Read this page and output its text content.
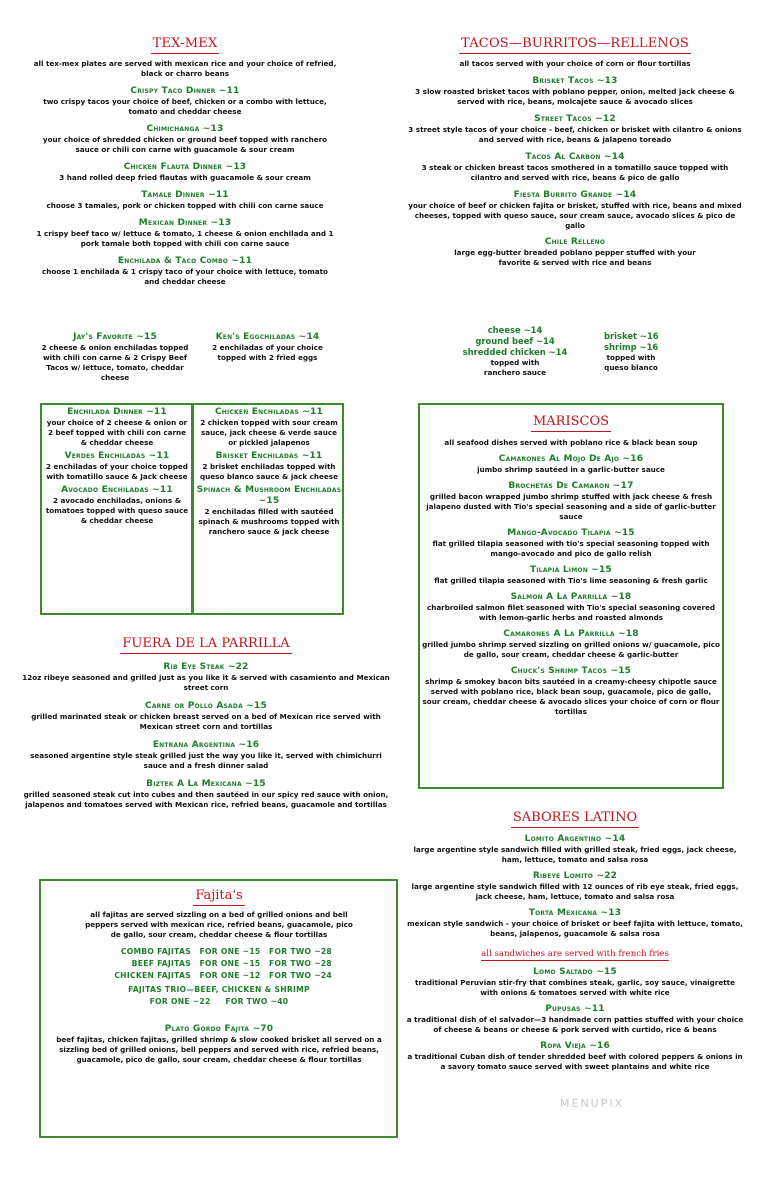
TEX-MEX
all tex-mex plates are served with mexican rice and your choice of refried, black or charro beans
Crispy Taco Dinner ~11
two crispy tacos your choice of beef, chicken or a combo with lettuce, tomato and cheddar cheese
Chimichanga ~13
your choice of shredded chicken or ground beef topped with ranchero sauce or chili con carne with guacamole & sour cream
Chicken Flauta Dinner ~13
3 hand rolled deep fried flautas with guacamole & sour cream
Tamale Dinner ~11
choose 3 tamales, pork or chicken topped with chili con carne sauce
Mexican Dinner ~13
1 crispy beef taco w/ lettuce & tomato, 1 cheese & onion enchilada and 1 pork tamale both topped with chili con carne sauce
Enchilada & Taco Combo ~11
choose 1 enchilada & 1 crispy taco of your choice with lettuce, tomato and cheddar cheese
Jay's Favorite ~15
2 cheese & onion enchiladas topped with chili con carne & 2 Crispy Beef Tacos w/ lettuce, tomato, cheddar cheese
Ken's Eggchiladas ~14
2 enchiladas of your choice topped with 2 fried eggs
Enchilada Dinner ~11
your choice of 2 cheese & onion or 2 beef topped with chili con carne & cheddar cheese
Verdes Enchiladas ~11
2 enchiladas of your choice topped with tomatillo sauce & Jack cheese
Avocado Enchiladas ~11
2 avocado enchiladas, onions & tomatoes topped with queso sauce & cheddar cheese
Chicken Enchiladas ~11
2 chicken topped with sour cream sauce, jack cheese & verde sauce or pickled jalapenos
Brisket Enchiladas ~11
2 brisket enchiladas topped with queso blanco sauce & jack cheese
Spinach & Mushroom Enchiladas ~15
2 enchiladas filled with sautéed spinach & mushrooms topped with ranchero sauce & jack cheese
FUERA DE LA PARRILLA
Rib Eye Steak ~22
12oz ribeye seasoned and grilled just as you like it & served with casamiento and Mexican street corn
Carne or Pollo Asada ~15
grilled marinated steak or chicken breast served on a bed of Mexican rice served with Mexican street corn and tortillas
Entrana Argentina ~16
seasoned argentine style steak grilled just the way you like it, served with chimichurri sauce and a fresh dinner salad
Biztek A La Mexicana ~15
grilled seasoned steak cut into cubes and then sautéed in our spicy red sauce with onion, jalapenos and tomatoes served with Mexican rice, refried beans, guacamole and tortillas
Fajita's
all fajitas are served sizzling on a bed of grilled onions and bell peppers served with mexican rice, refried beans, guacamole, pico de gallo, sour cream, cheddar cheese & flour tortillas
COMBO FAJITAS FOR ONE ~15 FOR TWO ~28
BEEF FAJITAS FOR ONE ~15 FOR TWO ~28
CHICKEN FAJITAS FOR ONE ~12 FOR TWO ~24
FAJITAS TRIO—BEEF, CHICKEN & SHRIMP
FOR ONE ~22     FOR TWO ~40
Plato Gordo Fajita ~70
beef fajitas, chicken fajitas, grilled shrimp & slow cooked brisket all served on a sizzling bed of grilled onions, bell peppers and served with rice, refried beans, guacamole, pico de gallo, sour cream, cheddar cheese & flour tortillas
TACOS—BURRITOS—RELLENOS
all tacos served with your choice of corn or flour tortillas
Brisket Tacos ~13
3 slow roasted brisket tacos with poblano pepper, onion, melted jack cheese & served with rice, beans, molcajete sauce & avocado slices
Street Tacos ~12
3 street style tacos of your choice - beef, chicken or brisket with cilantro & onions and served with rice, beans & jalapeno toreado
Tacos Al Carbon ~14
3 steak or chicken breast tacos smothered in a tomatillo sauce topped with cilantro and served with rice, beans & pico de gallo
Fiesta Burrito Grande ~14
your choice of beef or chicken fajita or brisket, stuffed with rice, beans and mixed cheeses, topped with queso sauce, sour cream sauce, avocado slices & pico de gallo
Chile Relleno
large egg-butter breaded poblano pepper stuffed with your favorite & served with rice and beans
cheese ~14
ground beef ~14
shredded chicken ~14
topped with ranchero sauce
brisket ~16
shrimp ~16
topped with queso blanco
MARISCOS
all seafood dishes served with poblano rice & black bean soup
Camarones Al Mojo De Ajo ~16
jumbo shrimp sautéed in a garlic-butter sauce
Brochetas De Camaron ~17
grilled bacon wrapped jumbo shrimp stuffed with jack cheese & fresh jalapeno dusted with Tio's special seasoning and a side of garlic-butter sauce
Mango-Avocado Tilapia ~15
flat grilled tilapia seasoned with tio's special seasoning topped with mango-avocado and pico de gallo relish
Tilapia Limon ~15
flat grilled tilapia seasoned with Tio's lime seasoning & fresh garlic
Salmon A La Parrilla ~18
charbroiled salmon filet seasoned with Tio's special seasoning covered with lemon-garlic herbs and roasted almonds
Camarones A La Parrilla ~18
grilled jumbo shrimp served sizzling on grilled onions w/ guacamole, pico de gallo, sour cream, cheddar cheese & garlic-butter
Chuck's Shrimp Tacos ~15
shrimp & smokey bacon bits sautéed in a creamy-cheesy chipotle sauce served with poblano rice, black bean soup, guacamole, pico de gallo, sour cream, cheddar cheese & avocado slices your choice of corn or flour tortillas
SABORES LATINO
Lomito Argentino ~14
large argentine style sandwich filled with grilled steak, fried eggs, jack cheese, ham, lettuce, tomato and salsa rosa
Ribeye Lomito ~22
large argentine style sandwich filled with 12 ounces of rib eye steak, fried eggs, jack cheese, ham, lettuce, tomato and salsa rosa
Torta Mexicana ~13
mexican style sandwich - your choice of brisket or beef fajita with lettuce, tomato, beans, jalapenos, guacamole & salsa rosa
all sandwiches are served with french fries
Lomo Saltado ~15
traditional Peruvian stir-fry that combines steak, garlic, soy sauce, vinaigrette with onions & tomatoes served with white rice
Pupusas ~11
a traditional dish of el salvador—3 handmade corn patties stuffed with your choice of cheese & beans or cheese & pork served with curtido, rice & beans
Ropa Vieja ~16
a traditional Cuban dish of tender shredded beef with colored peppers & onions in a savory tomato sauce served with sweet plantains and white rice
MENUPIX
